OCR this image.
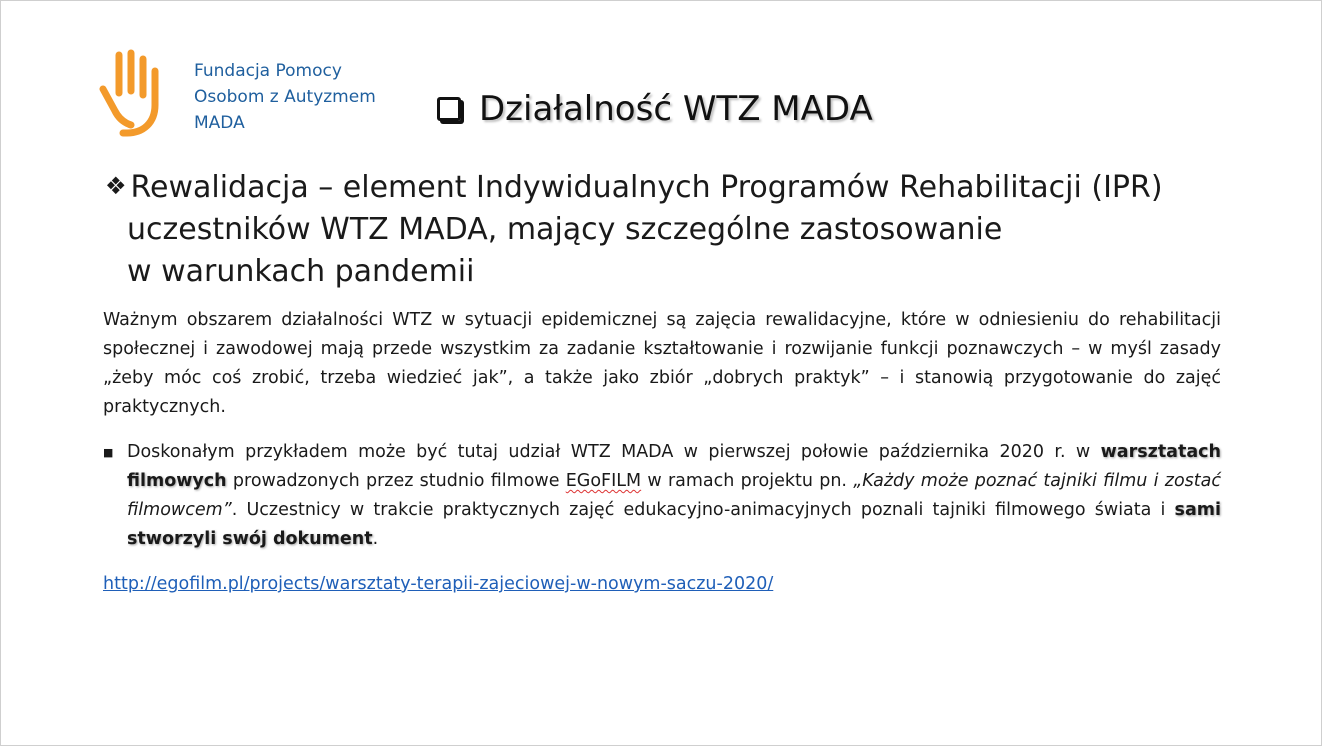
Fundacja Pomocy
Osobom z Autyzmem
MADA	Działalność WTZ MADA
❖ Rewalidacja – element Indywidualnych Programów Rehabilitacji (IPR)
uczestników WTZ MADA, mający szczególne zastosowanie
w warunkach pandemii
Ważnym obszarem działalności WTZ w sytuacji epidemicznej są zajęcia rewalidacyjne, które w odniesieniu do rehabilitacji społecznej i zawodowej mają przede wszystkim za zadanie kształtowanie i rozwijanie funkcji poznawczych – w myśl zasady „żeby móc coś zrobić, trzeba wiedzieć jak”, a także jako zbiór „dobrych praktyk” – i stanowią przygotowanie do zajęć praktycznych.
■ Doskonałym przykładem może być tutaj udział WTZ MADA w pierwszej połowie października 2020 r. w warsztatach filmowych prowadzonych przez studnio filmowe EGoFILM w ramach projektu pn. „Każdy może poznać tajniki filmu i zostać filmowcem”. Uczestnicy w trakcie praktycznych zajęć edukacyjno-animacyjnych poznali tajniki filmowego świata i sami stworzyli swój dokument.
http://egofilm.pl/projects/warsztaty-terapii-zajeciowej-w-nowym-saczu-2020/
